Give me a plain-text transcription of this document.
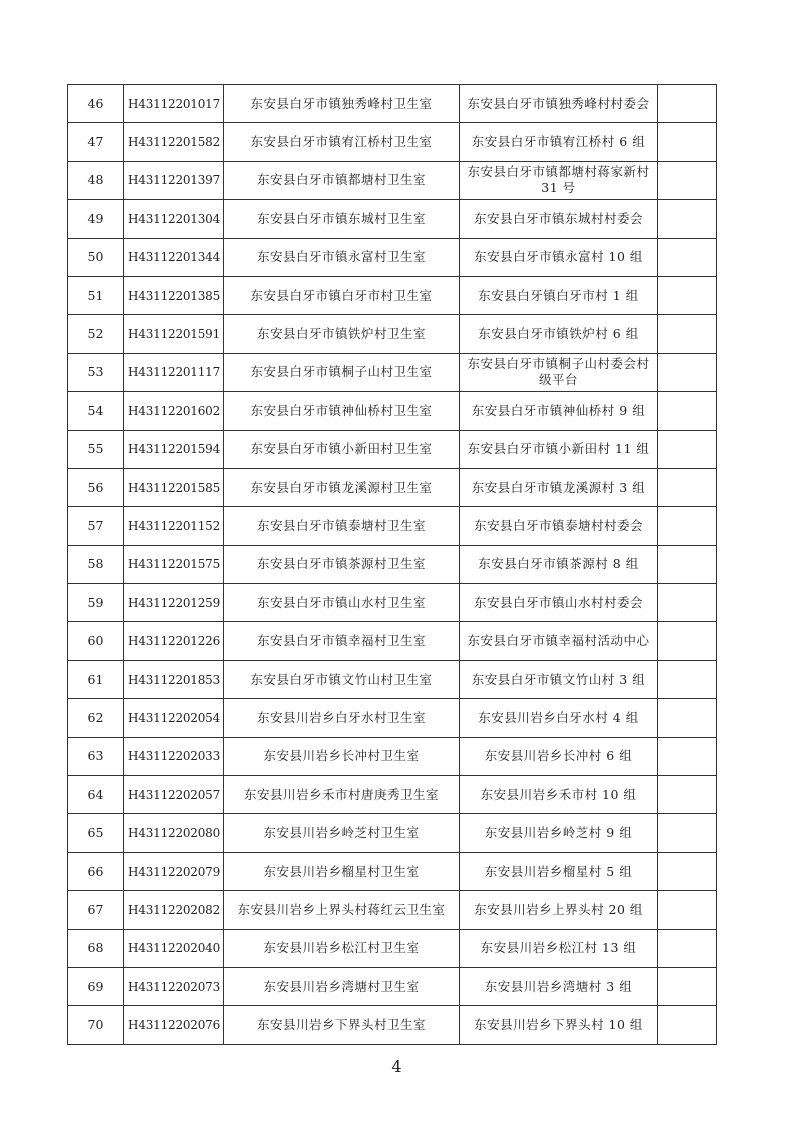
46	H43112201017	东安县白牙市镇独秀峰村卫生室	东安县白牙市镇独秀峰村村委会	
47	H43112201582	东安县白牙市镇宥江桥村卫生室	东安县白牙市镇宥江桥村 6 组	
48	H43112201397	东安县白牙市镇都塘村卫生室	东安县白牙市镇都塘村蒋家新村 31 号	
49	H43112201304	东安县白牙市镇东城村卫生室	东安县白牙市镇东城村村委会	
50	H43112201344	东安县白牙市镇永富村卫生室	东安县白牙市镇永富村 10 组	
51	H43112201385	东安县白牙市镇白牙市村卫生室	东安县白牙镇白牙市村 1 组	
52	H43112201591	东安县白牙市镇铁炉村卫生室	东安县白牙市镇铁炉村 6 组	
53	H43112201117	东安县白牙市镇桐子山村卫生室	东安县白牙市镇桐子山村委会村级平台	
54	H43112201602	东安县白牙市镇神仙桥村卫生室	东安县白牙市镇神仙桥村 9 组	
55	H43112201594	东安县白牙市镇小新田村卫生室	东安县白牙市镇小新田村 11 组	
56	H43112201585	东安县白牙市镇龙溪源村卫生室	东安县白牙市镇龙溪源村 3 组	
57	H43112201152	东安县白牙市镇泰塘村卫生室	东安县白牙市镇泰塘村村委会	
58	H43112201575	东安县白牙市镇茶源村卫生室	东安县白牙市镇茶源村 8 组	
59	H43112201259	东安县白牙市镇山水村卫生室	东安县白牙市镇山水村村委会	
60	H43112201226	东安县白牙市镇幸福村卫生室	东安县白牙市镇幸福村活动中心	
61	H43112201853	东安县白牙市镇文竹山村卫生室	东安县白牙市镇文竹山村 3 组	
62	H43112202054	东安县川岩乡白牙水村卫生室	东安县川岩乡白牙水村 4 组	
63	H43112202033	东安县川岩乡长冲村卫生室	东安县川岩乡长冲村 6 组	
64	H43112202057	东安县川岩乡禾市村唐庚秀卫生室	东安县川岩乡禾市村 10 组	
65	H43112202080	东安县川岩乡岭芝村卫生室	东安县川岩乡岭芝村 9 组	
66	H43112202079	东安县川岩乡榴星村卫生室	东安县川岩乡榴星村 5 组	
67	H43112202082	东安县川岩乡上界头村蒋红云卫生室	东安县川岩乡上界头村 20 组	
68	H43112202040	东安县川岩乡松江村卫生室	东安县川岩乡松江村 13 组	
69	H43112202073	东安县川岩乡湾塘村卫生室	东安县川岩乡湾塘村 3 组	
70	H43112202076	东安县川岩乡下界头村卫生室	东安县川岩乡下界头村 10 组	
4
